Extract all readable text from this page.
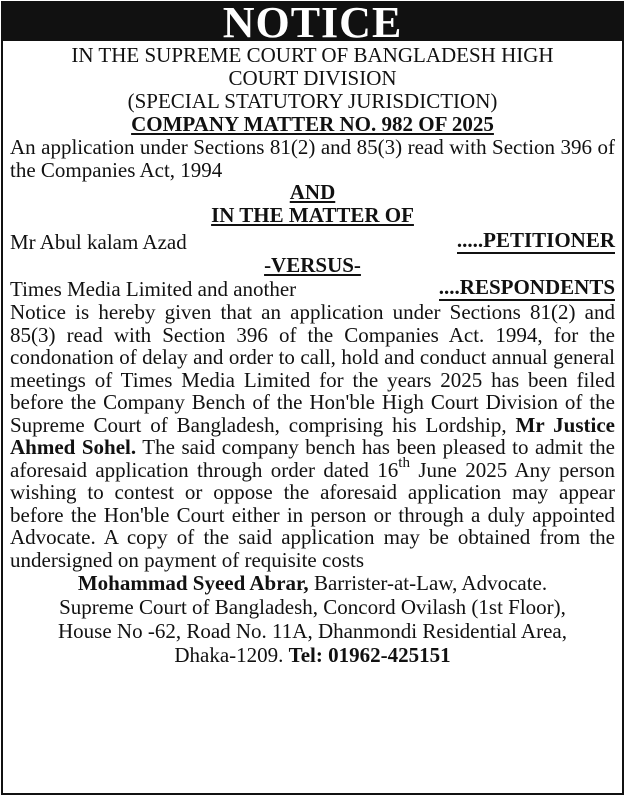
NOTICE
IN THE SUPREME COURT OF BANGLADESH HIGH
COURT DIVISION
(SPECIAL STATUTORY JURISDICTION)
COMPANY MATTER NO. 982 OF 2025
An application under Sections 81(2) and 85(3) read with Section 396 of the Companies Act, 1994
AND
IN THE MATTER OF
Mr Abul kalam Azad	.....PETITIONER
-VERSUS-
Times Media Limited and another	....RESPONDENTS
Notice is hereby given that an application under Sections 81(2) and 85(3) read with Section 396 of the Companies Act. 1994, for the condonation of delay and order to call, hold and conduct annual general meetings of Times Media Limited for the years 2025 has been filed before the Company Bench of the Hon'ble High Court Division of the Supreme Court of Bangladesh, comprising his Lordship, Mr Justice Ahmed Sohel. The said company bench has been pleased to admit the aforesaid application through order dated 16th June 2025 Any person wishing to contest or oppose the aforesaid application may appear before the Hon'ble Court either in person or through a duly appointed Advocate. A copy of the said application may be obtained from the undersigned on payment of requisite costs
Mohammad Syeed Abrar, Barrister-at-Law, Advocate.
Supreme Court of Bangladesh, Concord Ovilash (1st Floor),
House No -62, Road No. 11A, Dhanmondi Residential Area,
Dhaka-1209. Tel: 01962-425151
